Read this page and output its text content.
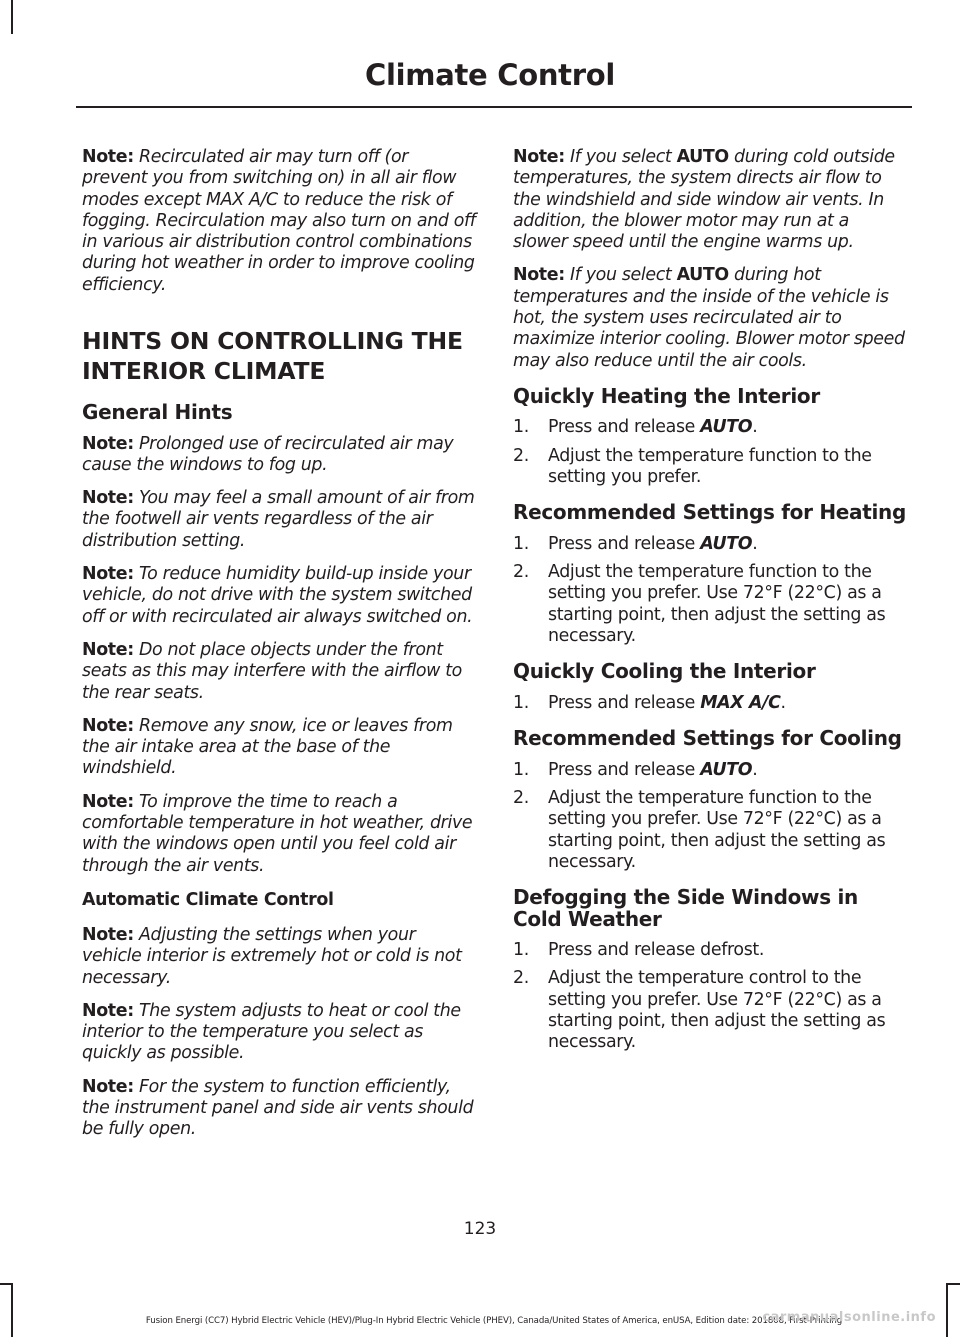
Climate Control

Note: Recirculated air may turn off (or prevent you from switching on) in all air flow modes except MAX A/C to reduce the risk of fogging. Recirculation may also turn on and off in various air distribution control combinations during hot weather in order to improve cooling efficiency.

HINTS ON CONTROLLING THE INTERIOR CLIMATE
General Hints

Note: Prolonged use of recirculated air may cause the windows to fog up.

Note: You may feel a small amount of air from the footwell air vents regardless of the air distribution setting.

Note: To reduce humidity build-up inside your vehicle, do not drive with the system switched off or with recirculated air always switched on.

Note: Do not place objects under the front seats as this may interfere with the airflow to the rear seats.

Note: Remove any snow, ice or leaves from the air intake area at the base of the windshield.

Note: To improve the time to reach a comfortable temperature in hot weather, drive with the windows open until you feel cold air through the air vents.

Automatic Climate Control

Note: Adjusting the settings when your vehicle interior is extremely hot or cold is not necessary.

Note: The system adjusts to heat or cool the interior to the temperature you select as quickly as possible.

Note: For the system to function efficiently, the instrument panel and side air vents should be fully open.

Note: If you select AUTO during cold outside temperatures, the system directs air flow to the windshield and side window air vents. In addition, the blower motor may run at a slower speed until the engine warms up.

Note: If you select AUTO during hot temperatures and the inside of the vehicle is hot, the system uses recirculated air to maximize interior cooling. Blower motor speed may also reduce until the air cools.

Quickly Heating the Interior
1. Press and release AUTO.
2. Adjust the temperature function to the setting you prefer.
Recommended Settings for Heating
1. Press and release AUTO.
2. Adjust the temperature function to the setting you prefer. Use 72°F (22°C) as a starting point, then adjust the setting as necessary.
Quickly Cooling the Interior
1. Press and release MAX A/C.
Recommended Settings for Cooling
1. Press and release AUTO.
2. Adjust the temperature function to the setting you prefer. Use 72°F (22°C) as a starting point, then adjust the setting as necessary.
Defogging the Side Windows in Cold Weather
1. Press and release defrost.
2. Adjust the temperature control to the setting you prefer. Use 72°F (22°C) as a starting point, then adjust the setting as necessary.
123
Fusion Energi (CC7) Hybrid Electric Vehicle (HEV)/Plug-In Hybrid Electric Vehicle (PHEV), Canada/United States of America, enUSA, Edition date: 201808, First-Printing
carmanualsonline.info
